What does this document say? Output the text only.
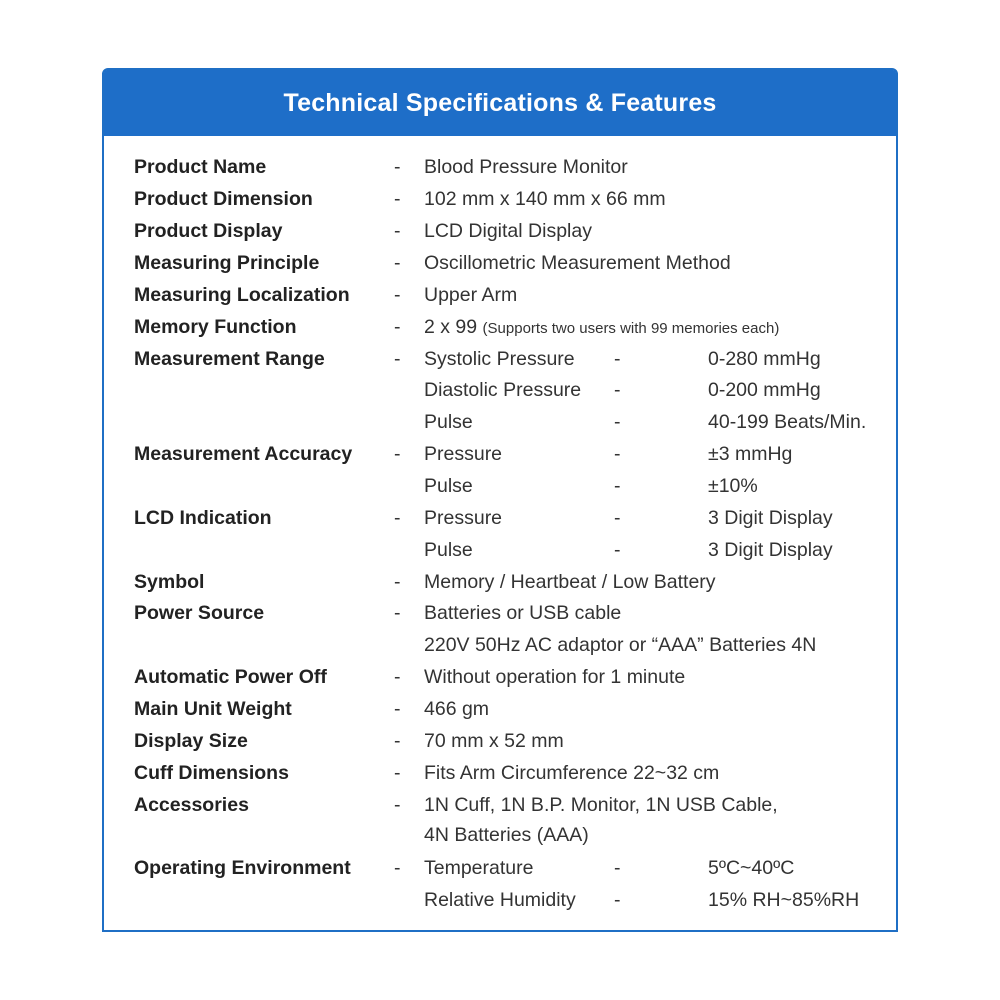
Technical Specifications & Features
Product Name	- Blood Pressure Monitor
Product Dimension	- 102 mm x 140 mm x 66 mm
Product Display	- LCD Digital Display
Measuring Principle	- Oscillometric Measurement Method
Measuring Localization - Upper Arm
Memory Function	- 2 x 99 (Supports two users with 99 memories each)
Measurement Range	- Systolic Pressure -	0-280 mmHg
Diastolic Pressure -	0-200 mmHg
Pulse	-	40-199 Beats/Min.
Measurement Accuracy - Pressure	-	±3 mmHg
Pulse	-	±10%
LCD Indication	- Pressure	-	3 Digit Display
Pulse	-	3 Digit Display
Symbol	- Memory / Heartbeat / Low Battery
Power Source	- Batteries or USB cable
220V 50Hz AC adaptor or “AAA” Batteries 4N
Automatic Power Off	- Without operation for 1 minute
Main Unit Weight	- 466 gm
Display Size	- 70 mm x 52 mm
Cuff Dimensions	- Fits Arm Circumference 22~32 cm
Accessories	- 1N Cuff, 1N B.P. Monitor, 1N USB Cable,
4N Batteries (AAA)
Operating Environment - Temperature	-	5ºC~40ºC
Relative Humidity -	15% RH~85%RH
